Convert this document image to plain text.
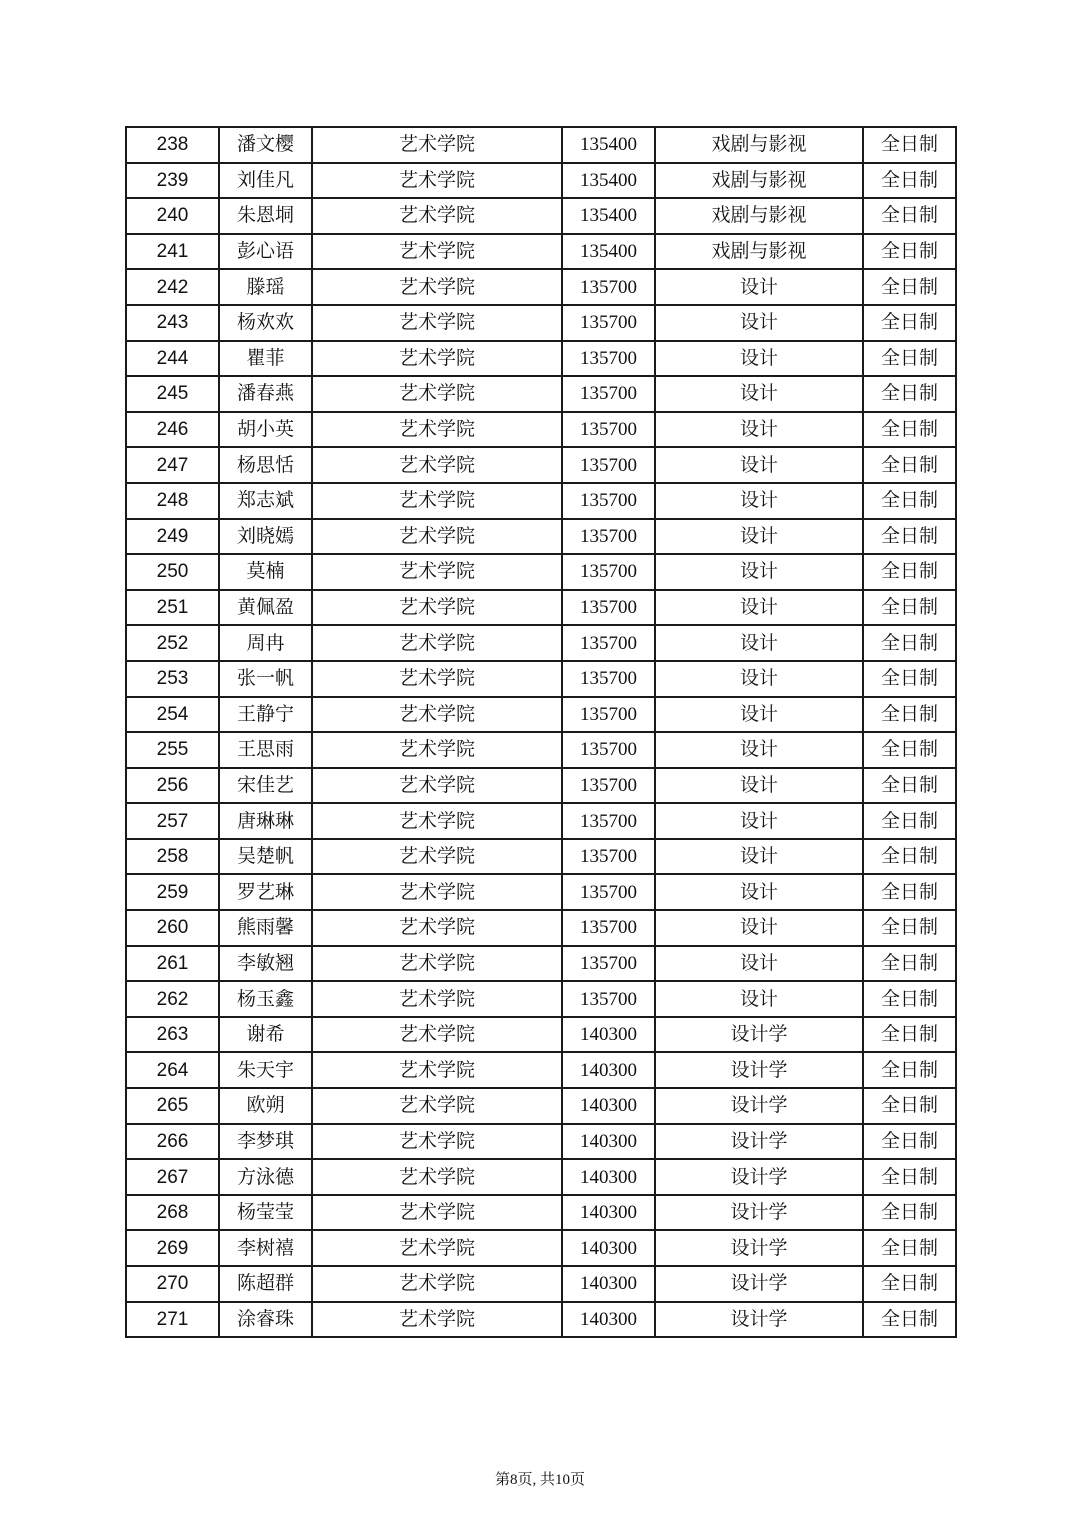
238	潘文樱	艺术学院	135400	戏剧与影视	全日制
239	刘佳凡	艺术学院	135400	戏剧与影视	全日制
240	朱恩垌	艺术学院	135400	戏剧与影视	全日制
241	彭心语	艺术学院	135400	戏剧与影视	全日制
242	滕瑶	艺术学院	135700	设计	全日制
243	杨欢欢	艺术学院	135700	设计	全日制
244	瞿菲	艺术学院	135700	设计	全日制
245	潘春燕	艺术学院	135700	设计	全日制
246	胡小英	艺术学院	135700	设计	全日制
247	杨思恬	艺术学院	135700	设计	全日制
248	郑志斌	艺术学院	135700	设计	全日制
249	刘晓嫣	艺术学院	135700	设计	全日制
250	莫楠	艺术学院	135700	设计	全日制
251	黄佩盈	艺术学院	135700	设计	全日制
252	周冉	艺术学院	135700	设计	全日制
253	张一帆	艺术学院	135700	设计	全日制
254	王静宁	艺术学院	135700	设计	全日制
255	王思雨	艺术学院	135700	设计	全日制
256	宋佳艺	艺术学院	135700	设计	全日制
257	唐琳琳	艺术学院	135700	设计	全日制
258	吴楚帆	艺术学院	135700	设计	全日制
259	罗艺琳	艺术学院	135700	设计	全日制
260	熊雨馨	艺术学院	135700	设计	全日制
261	李敏翘	艺术学院	135700	设计	全日制
262	杨玉鑫	艺术学院	135700	设计	全日制
263	谢希	艺术学院	140300	设计学	全日制
264	朱天宇	艺术学院	140300	设计学	全日制
265	欧朔	艺术学院	140300	设计学	全日制
266	李梦琪	艺术学院	140300	设计学	全日制
267	方泳德	艺术学院	140300	设计学	全日制
268	杨莹莹	艺术学院	140300	设计学	全日制
269	李树禧	艺术学院	140300	设计学	全日制
270	陈超群	艺术学院	140300	设计学	全日制
271	涂睿珠	艺术学院	140300	设计学	全日制
第8页, 共10页
